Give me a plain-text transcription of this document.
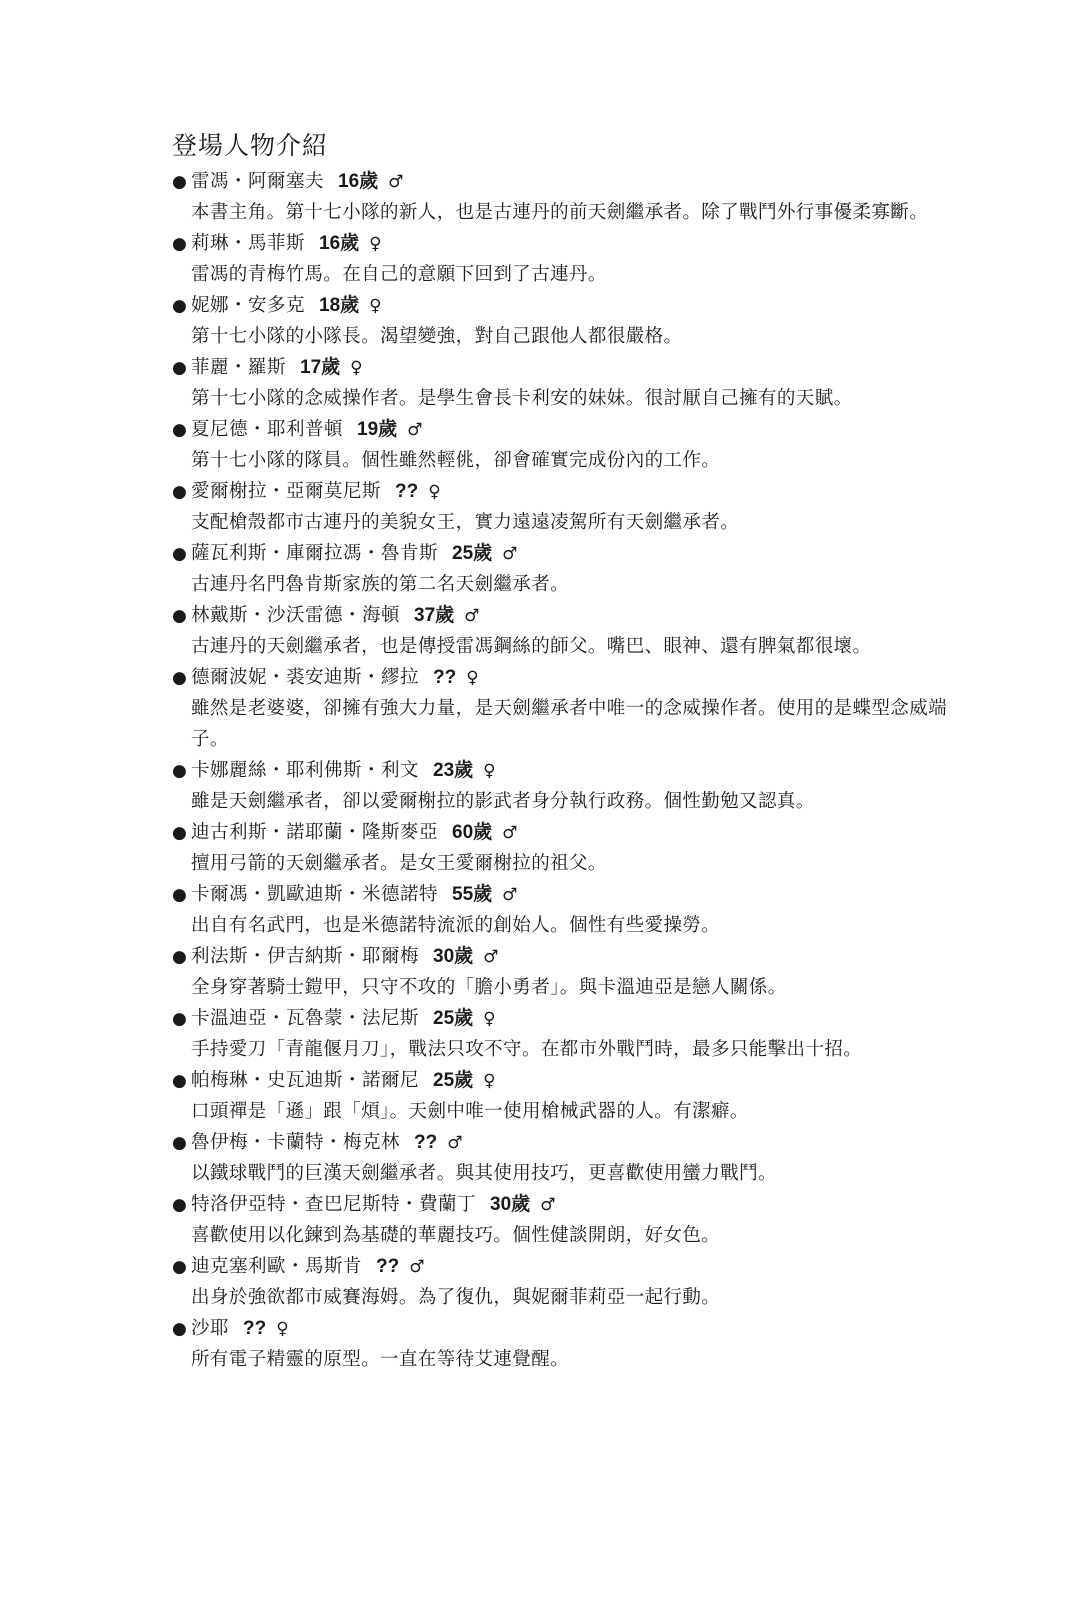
登場人物介紹
● 雷馮・阿爾塞夫 16歲 ♂

本書主角。第十七小隊的新人，也是古連丹的前天劍繼承者。除了戰鬥外行事優柔寡斷。

● 莉琳・馬菲斯 16歲 ♀

雷馮的青梅竹馬。在自己的意願下回到了古連丹。

● 妮娜・安多克 18歲 ♀

第十七小隊的小隊長。渴望變強，對自己跟他人都很嚴格。

● 菲麗・羅斯 17歲 ♀

第十七小隊的念威操作者。是學生會長卡利安的妹妹。很討厭自己擁有的天賦。

● 夏尼德・耶利普頓 19歲 ♂

第十七小隊的隊員。個性雖然輕佻，卻會確實完成份內的工作。

● 愛爾榭拉・亞爾莫尼斯 ?? ♀

支配槍殼都市古連丹的美貌女王，實力遠遠凌駕所有天劍繼承者。

● 薩瓦利斯・庫爾拉馮・魯肯斯 25歲 ♂

古連丹名門魯肯斯家族的第二名天劍繼承者。

● 林戴斯・沙沃雷德・海頓 37歲 ♂

古連丹的天劍繼承者，也是傳授雷馮鋼絲的師父。嘴巴、眼神、還有脾氣都很壞。

● 德爾波妮・裘安迪斯・繆拉 ?? ♀

雖然是老婆婆，卻擁有強大力量，是天劍繼承者中唯一的念威操作者。使用的是蝶型念威端子。

● 卡娜麗絲・耶利佛斯・利文 23歲 ♀

雖是天劍繼承者，卻以愛爾榭拉的影武者身分執行政務。個性勤勉又認真。

● 迪古利斯・諾耶蘭・隆斯麥亞 60歲 ♂

擅用弓箭的天劍繼承者。是女王愛爾榭拉的祖父。

● 卡爾馮・凱歐迪斯・米德諾特 55歲 ♂

出自有名武門，也是米德諾特流派的創始人。個性有些愛操勞。

● 利法斯・伊吉納斯・耶爾梅 30歲 ♂

全身穿著騎士鎧甲，只守不攻的「膽小勇者」。與卡溫迪亞是戀人關係。

● 卡溫迪亞・瓦魯蒙・法尼斯 25歲 ♀

手持愛刀「青龍偃月刀」，戰法只攻不守。在都市外戰鬥時，最多只能擊出十招。

● 帕梅琳・史瓦迪斯・諾爾尼 25歲 ♀

口頭禪是「遜」跟「煩」。天劍中唯一使用槍械武器的人。有潔癖。

● 魯伊梅・卡蘭特・梅克林 ?? ♂

以鐵球戰鬥的巨漢天劍繼承者。與其使用技巧，更喜歡使用蠻力戰鬥。

● 特洛伊亞特・查巴尼斯特・費蘭丁 30歲 ♂

喜歡使用以化鍊到為基礎的華麗技巧。個性健談開朗，好女色。

● 迪克塞利歐・馬斯肯 ?? ♂

出身於強欲都市威賽海姆。為了復仇，與妮爾菲莉亞一起行動。

● 沙耶 ?? ♀

所有電子精靈的原型。一直在等待艾連覺醒。
